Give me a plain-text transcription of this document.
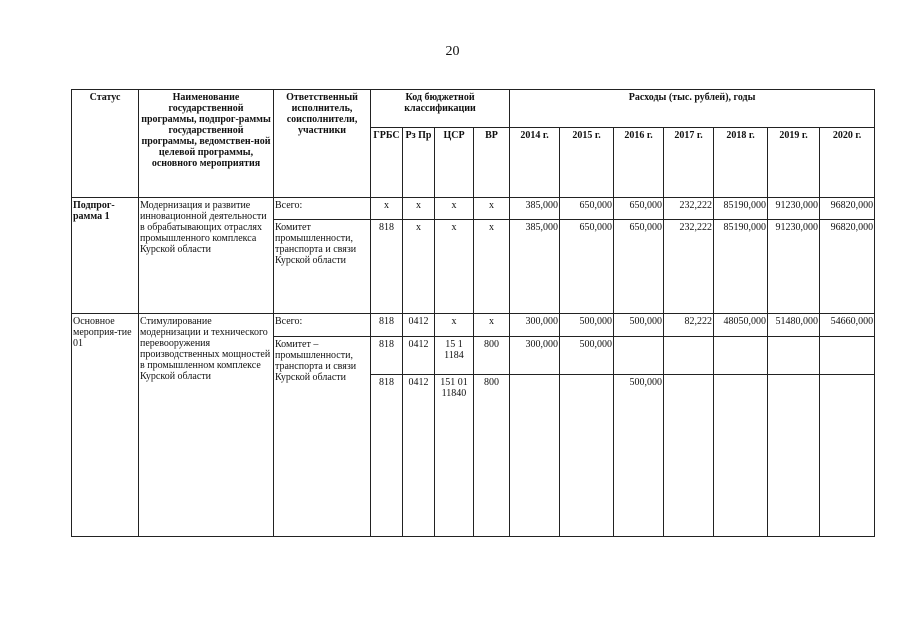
20
Статус	Наименование государственной программы, подпрог-раммы государственной программы, ведомствен-ной целевой программы, основного мероприятия	Ответственный исполнитель, соисполнители, участники	Код бюджетной классификации				Расходы (тыс. рублей), годы						
			ГРБС	Рз Пр	ЦСР	ВР	2014 г.	2015 г.	2016 г.	2017 г.	2018 г.	2019 г.	2020 г.
Подпрог-рамма 1	Модернизация и развитие инновационной деятельности в обрабатывающих отраслях промышленного комплекса Курской области	Всего:	x	x	x	x	385,000	650,000	650,000	232,222	85190,000	91230,000	96820,000
		Комитет промышленности, транспорта и связи Курской области	818	x	x	x	385,000	650,000	650,000	232,222	85190,000	91230,000	96820,000
Основное мероприя-тие 01	Стимулирование модернизации и технического перевооружения производственных мощностей в промышленном комплексе Курской области	Всего:	818	0412	x	x	300,000	500,000	500,000	82,222	48050,000	51480,000	54660,000
		Комитет – промышленности, транспорта и связи Курской области	818	0412	15 1 1184	800	300,000	500,000					
			818	0412	151 01 11840	800			500,000				
